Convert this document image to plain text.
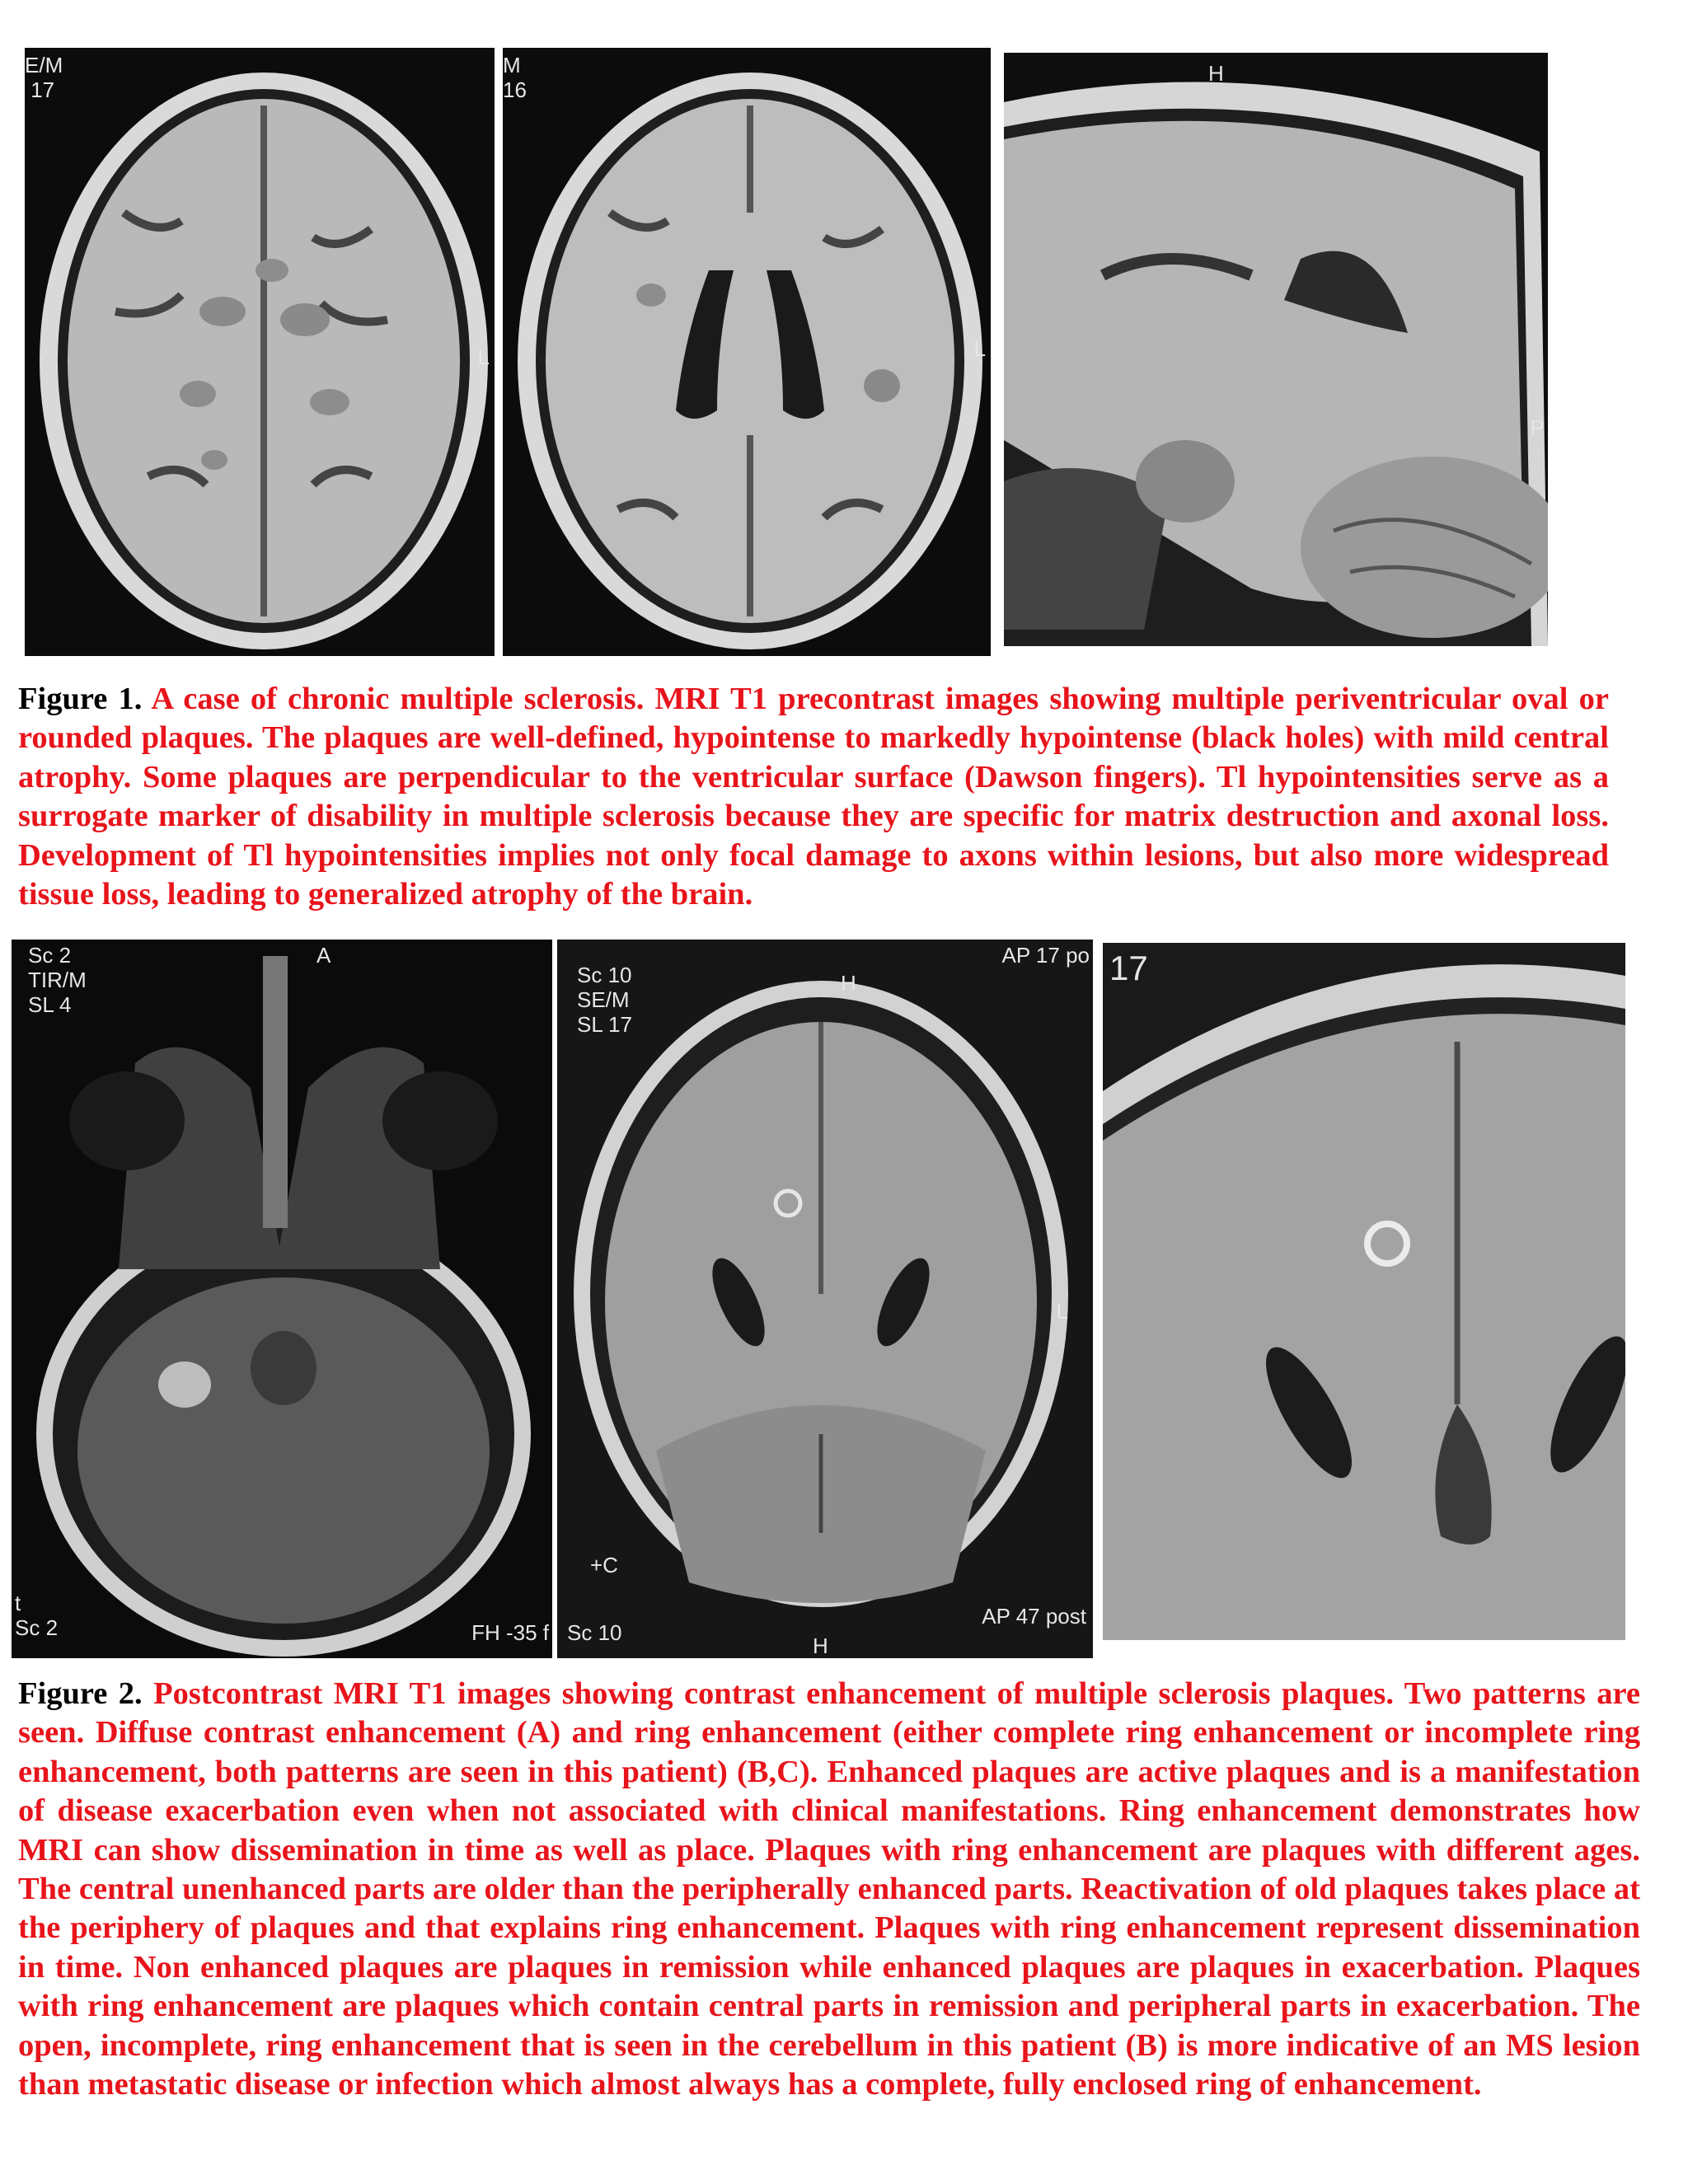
E/M
17
L
M
16
L
H
P
Figure 1. A case of chronic multiple sclerosis. MRI T1 precontrast images showing multiple periventricular oval or rounded plaques. The plaques are well-defined, hypointense to markedly hypointense (black holes) with mild central atrophy. Some plaques are perpendicular to the ventricular surface (Dawson fingers). Tl hypointensities serve as a surrogate marker of disability in multiple sclerosis because they are specific for matrix destruction and axonal loss. Development of Tl hypointensities implies not only focal damage to axons within lesions, but also more widespread tissue loss, leading to generalized atrophy of the brain.
Sc 2
TIR/M
SL 4
A
t
Sc 2	FH -35 f
Sc 10
SE/M
SL 17
H
AP 17 po
+C
Sc 10
AP 47 post
H
L
17
Figure 2. Postcontrast MRI T1 images showing contrast enhancement of multiple sclerosis plaques. Two patterns are seen. Diffuse contrast enhancement (A) and ring enhancement (either complete ring enhancement or incomplete ring enhancement, both patterns are seen in this patient) (B,C). Enhanced plaques are active plaques and is a manifestation of disease exacerbation even when not associated with clinical manifestations. Ring enhancement demonstrates how MRI can show dissemination in time as well as place. Plaques with ring enhancement are plaques with different ages. The central unenhanced parts are older than the peripherally enhanced parts. Reactivation of old plaques takes place at the periphery of plaques and that explains ring enhancement. Plaques with ring enhancement represent dissemination in time. Non enhanced plaques are plaques in remission while enhanced plaques are plaques in exacerbation. Plaques with ring enhancement are plaques which contain central parts in remission and peripheral parts in exacerbation. The open, incomplete, ring enhancement that is seen in the cerebellum in this patient (B) is more indicative of an MS lesion than metastatic disease or infection which almost always has a complete, fully enclosed ring of enhancement.
